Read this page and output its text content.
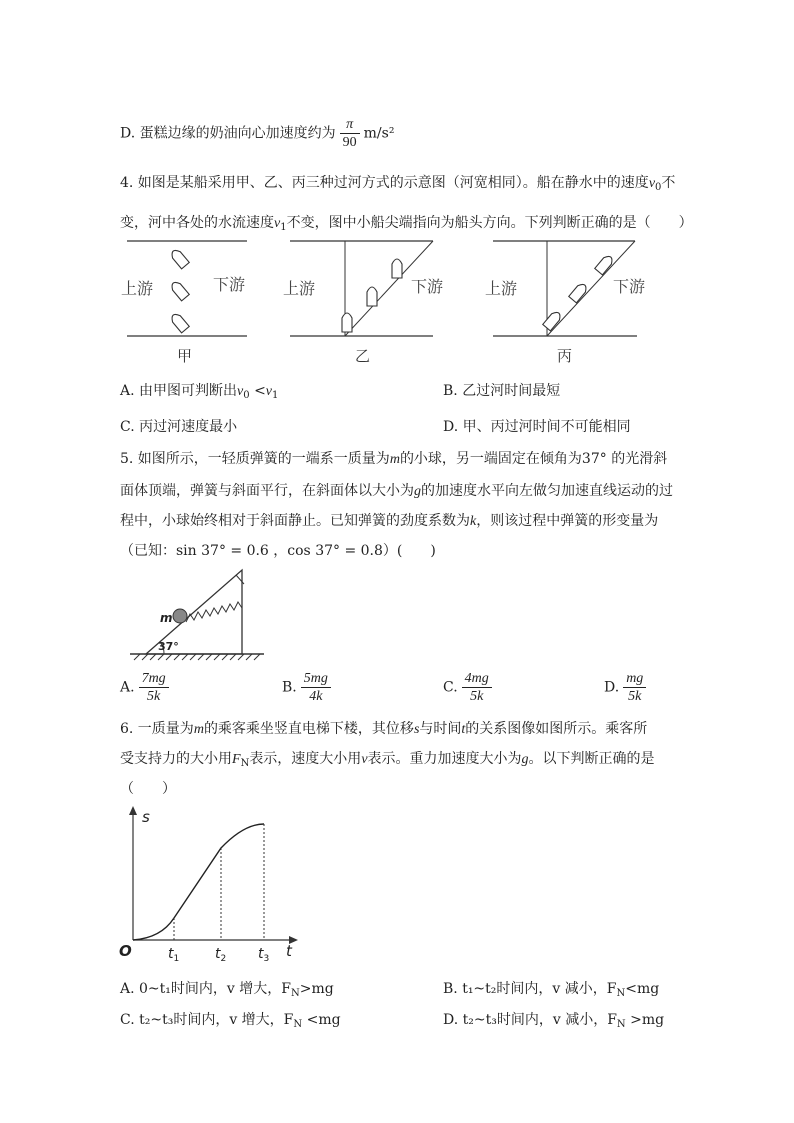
D. 蛋糕边缘的奶油向心加速度约为 $\frac{\pi}{90} m/s^2$
4. 如图是某船采用甲、乙、丙三种过河方式的示意图（河宽相同）。船在静水中的速度$v_0$不
变，河中各处的水流速度$v_1$不变，图中小船尖端指向为船头方向。下列判断正确的是（　　）
上游	下游
甲
上游	下游
乙
上游	下游
丙
A. 由甲图可判断出$v_0 <v_1$	B. 乙过河时间最短
C. 丙过河速度最小	D. 甲、丙过河时间不可能相同
5. 如图所示，一轻质弹簧的一端系一质量为m的小球，另一端固定在倾角为37° 的光滑斜
面体顶端，弹簧与斜面平行，在斜面体以大小为g的加速度水平向左做匀加速直线运动的过
程中，小球始终相对于斜面静止。已知弹簧的劲度系数为k，则该过程中弹簧的形变量为
（已知：sin 37° = 0.6 ，cos 37° = 0.8）(　　)
m
37°
A. $\frac{7mg}{5k}$	B. $\frac{5mg}{4k}$	C. $\frac{4mg}{5k}$	D. $\frac{mg}{5k}$
6. 一质量为m的乘客乘坐竖直电梯下楼，其位移s与时间t的关系图像如图所示。乘客所
受支持力的大小用$F_N$表示，速度大小用v表示。重力加速度大小为g。以下判断正确的是
（　　）
s
t
O	$t_1$	$t_2$ $t_3$
A. 0~t₁时间内，v 增大，$F_N>mg$	B. t₁~t₂时间内，v 减小，$F_N<mg$
C. t₂~t₃时间内，v 增大，$F_N <mg$	D. t₂~t₃时间内，v 减小，$F_N >mg$
